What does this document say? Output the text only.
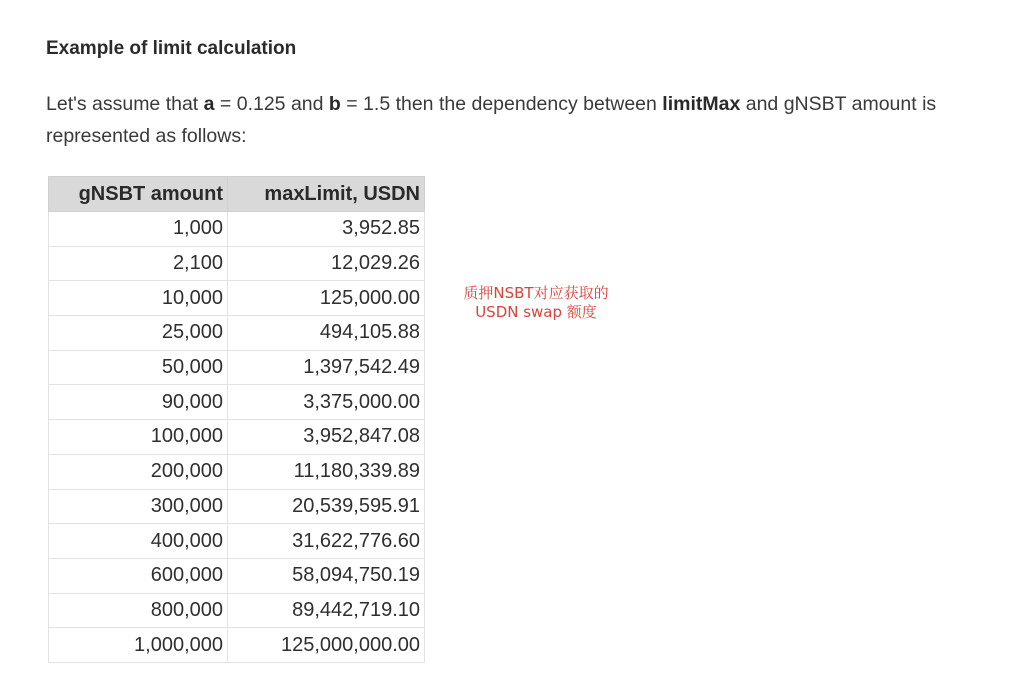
Example of limit calculation

Let's assume that a = 0.125 and b = 1.5 then the dependency between limitMax and gNSBT amount is represented as follows:

gNSBT amount	maxLimit, USDN
1,000	3,952.85
2,100	12,029.26
10,000	125,000.00
25,000	494,105.88
50,000	1,397,542.49
90,000	3,375,000.00
100,000	3,952,847.08
200,000	11,180,339.89
300,000	20,539,595.91
400,000	31,622,776.60
600,000	58,094,750.19
800,000	89,442,719.10
1,000,000	125,000,000.00
质押NSBT对应获取的
USDN swap 额度
